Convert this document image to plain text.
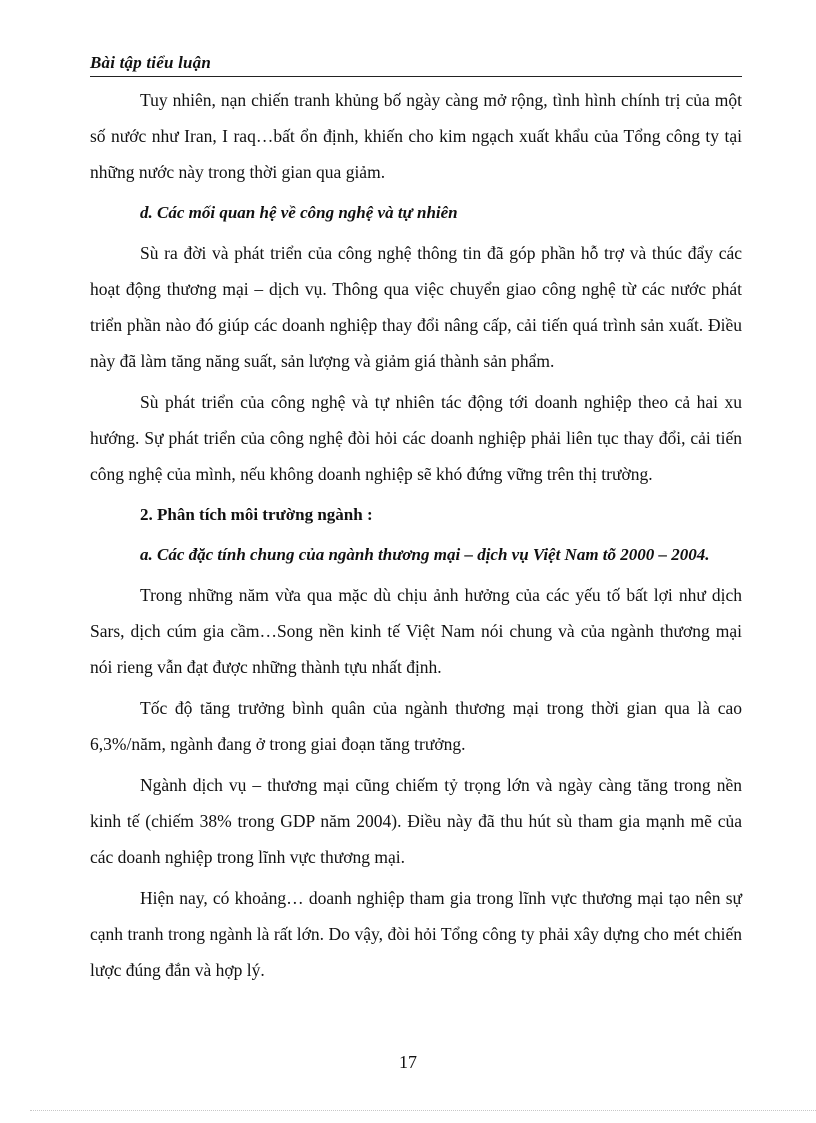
Bài tập tiểu luận

Tuy nhiên, nạn chiến tranh khủng bố ngày càng mở rộng, tình hình chính trị của một số nước như Iran, I raq…bất ổn định, khiến cho kim ngạch xuất khẩu của Tổng công ty tại những nước này trong thời gian qua giảm.

d. Các mối quan hệ về công nghệ và tự nhiên

Sù ra đời và phát triển của công nghệ thông tin đã góp phần hỗ trợ và thúc đẩy các hoạt động thương mại – dịch vụ. Thông qua việc chuyển giao công nghệ từ các nước phát triển phần nào đó giúp các doanh nghiệp thay đổi nâng cấp, cải tiến quá trình sản xuất. Điều này đã làm tăng năng suất, sản lượng và giảm giá thành sản phẩm.

Sù phát triển của công nghệ và tự nhiên tác động tới doanh nghiệp theo cả hai xu hướng. Sự phát triển của công nghệ đòi hỏi các doanh nghiệp phải liên tục thay đổi, cải tiến công nghệ của mình, nếu không doanh nghiệp sẽ khó đứng vững trên thị trường.

2. Phân tích môi trường ngành :

a. Các đặc tính chung của ngành thương mại – dịch vụ Việt Nam tõ 2000 – 2004.

Trong những năm vừa qua mặc dù chịu ảnh hưởng của các yếu tố bất lợi như dịch Sars, dịch cúm gia cầm…Song nền kinh tế Việt Nam nói chung và của ngành thương mại nói rieng vẫn đạt được những thành tựu nhất định.

Tốc độ tăng trưởng bình quân của ngành thương mại trong thời gian qua là cao 6,3%/năm, ngành đang ở trong giai đoạn tăng trưởng.

Ngành dịch vụ – thương mại cũng chiếm tỷ trọng lớn và ngày càng tăng trong nền kinh tế (chiếm 38% trong GDP năm 2004). Điều này đã thu hút sù tham gia mạnh mẽ của các doanh nghiệp trong lĩnh vực thương mại.

Hiện nay, có khoảng… doanh nghiệp tham gia trong lĩnh vực thương mại tạo nên sự cạnh tranh trong ngành là rất lớn. Do vậy, đòi hỏi Tổng công ty phải xây dựng cho mét chiến lược đúng đắn và hợp lý.

17
